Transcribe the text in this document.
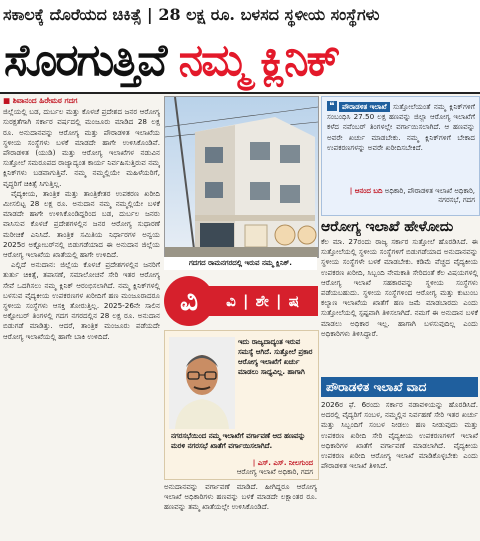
ಸಕಾಲಕ್ಕೆ ದೊರೆಯದ ಚಿಕಿತ್ಸೆ | 28 ಲಕ್ಷ ರೂ. ಬಳಸದ ಸ್ಥಳೀಯ ಸಂಸ್ಥೆಗಳು
ಸೊರಗುತ್ತಿವೆ ನಮ್ಮ ಕ್ಲಿನಿಕ್
■ ಶಿವಾನಂದ ಹಿರೇಮಠ ಗದಗ

ಜಿಲ್ಲೆಯಲ್ಲಿ ಬಡ, ದುರ್ಬಲ ಮತ್ತು ಕೊಳಚೆ ಪ್ರದೇಶದ ಜನರ ಆರೋಗ್ಯ ಸುರಕ್ಷತೆಗಾಗಿ ಸರ್ಕಾರ ವರ್ಷದಲ್ಲಿ ಮಂಜೂರು ಮಾಡಿದ 28 ಲಕ್ಷ ರೂ. ಅನುದಾನವನ್ನು ಆರೋಗ್ಯ ಮತ್ತು ಪೌರಾಡಳಿತ ಇಲಾಖೆಯ ಸ್ಥಳೀಯ ಸಂಸ್ಥೆಗಳು ಬಳಕೆ ಮಾಡದೇ ಹಾಗೇ ಉಳಿಸಿಕೊಂಡಿವೆ. ಪೌರಾಡಳಿತ (ಯುಡಿ) ಮತ್ತು ಆರೋಗ್ಯ ಇಲಾಖೆಗಳ ನಡುವಿನ ಸುತ್ತೋಲೆ ಸಮರೂಪದ ರಾಜ್ಯಾದ್ಯಂತ ಕಾರ್ಯ ನಿರ್ವಹಿಸುತ್ತಿರುವ ನಮ್ಮ ಕ್ಲಿನಿಕ್‌ಗಳು ಬಡವಾಗುತ್ತಿವೆ. ನಮ್ಮ ನಮ್ಮಲ್ಲಿಯೇ ಮಹಿಳೆಯರಿಗೆ, ವೃದ್ಧರಿಗೆ ಚಿಕಿತ್ಸೆ ಸಿಗುತ್ತಿಲ್ಲ.

ವೈದ್ಯಕೀಯ, ತಾಂತ್ರಿಕ ಮತ್ತು ತಾಂತ್ರಿಕೇತರ ಉಪಕರಣ ಖರೀದಿ ಮೀಸಲಿಟ್ಟ 28 ಲಕ್ಷ ರೂ. ಅನುದಾನ ನಮ್ಮ ನಮ್ಮಲ್ಲಿಯೇ ಬಳಕೆ ಮಾಡದೇ ಹಾಗೇ ಉಳಿಸಿಕೊಂಡಿದ್ದರಿಂದ ಬಡ, ದುರ್ಬಲ ಜನರು ವಾಸಿಸುವ ಕೊಳಚೆ ಪ್ರದೇಶಗಳಲ್ಲಿನ ಜನರ ಆರೋಗ್ಯ ಸುಧಾರಣೆ ಮರೀಚಿಕೆ ಎನಿಸಿದೆ. ತಾಂತ್ರಿಕ ಸಮಿತಿಯ ನಿರ್ಧಾರಗಳ ಅನ್ವಯ 2025ರ ಅಕ್ಟೋಬರ್‌ನಲ್ಲಿ ಬಿಡುಗಡೆಯಾದ ಈ ಅನುದಾನ ಜಿಲ್ಲೆಯ ಆರೋಗ್ಯ ಇಲಾಖೆಯ ಖಾತೆಯಲ್ಲಿ ಹಾಗೇ ಉಳಿದಿದೆ.

ಎಲ್ಲಿದೆ ಅನುದಾನ: ಜಿಲ್ಲೆಯ ಕೊಳಚೆ ಪ್ರದೇಶಗಳಲ್ಲಿನ ಜನರಿಗೆ ತುರ್ತು ಚಿಕಿತ್ಸೆ, ತಪಾಸಣೆ, ಸಮಾಲೋಚನೆ ಸೇರಿ ಇತರ ಆರೋಗ್ಯ ಸೇವೆ ಒದಗಿಸಲು ನಮ್ಮ ಕ್ಲಿನಿಕ್ ಆರಂಭಿಸಲಾಗಿದೆ. ನಮ್ಮ ಕ್ಲಿನಿಕ್‌ಗಳಲ್ಲಿ ಬಳಸುವ ವೈದ್ಯಕೀಯ ಉಪಕರಣಗಳ ಖರೀದಿಗೆ ಹಣ ಮಂಜೂರಾದರೂ ಸ್ಥಳೀಯ ಸಂಸ್ಥೆಗಳು ಆಸಕ್ತಿ ತೋರುತ್ತಿಲ್ಲ. 2025-26ನೇ ಸಾಲಿನ ಅಕ್ಟೋಬರ್ ತಿಂಗಳಲ್ಲಿ ಗದಗ ನಗರದಲ್ಲಿನ 28 ಲಕ್ಷ ರೂ. ಅನುದಾನ ಬಿಡುಗಡೆ ಮಾಡಿತ್ತು. ಆದರೆ, ತಾಂತ್ರಿಕ ಮಂಜೂರು ಪಡೆಯದೇ ಆರೋಗ್ಯ ಇಲಾಖೆಯಲ್ಲಿ ಹಾಗೇ ಬಾಕಿ ಉಳಿದಿದೆ.

ಗದಗದ ರಾಮನಗರದಲ್ಲಿ ಇರುವ ನಮ್ಮ ಕ್ಲಿನಿಕ್.
ವಿ | ಶೇ | ಷ
ವಿ
ಇದು ರಾಜ್ಯದಾದ್ಯಂತ ಇರುವ ಸಮಸ್ಯೆ ಆಗಿದೆ. ಸುತ್ತೋಲೆ ಪ್ರಕಾರ ಆರೋಗ್ಯ ಇಲಾಖೆಗೆ ಖರ್ಚು ಮಾಡಲು ಸಾಧ್ಯವಿಲ್ಲ. ಹಾಗಾಗಿ
ನಗರಸಭೆಯಿಂದ ನಮ್ಮ ಇಲಾಖೆಗೆ ವರ್ಗಾವಣೆ ಆದ ಹಣವನ್ನು ಮರಳಿ ನಗರಸಭೆ ಖಾತೆಗೆ ವರ್ಗಾಯಿಸಲಾಗಿದೆ.
| ಎಸ್. ಎಸ್. ನೀಲಗುಂದ
ಆರೋಗ್ಯ ಇಲಾಖೆ ಅಧಿಕಾರಿ, ಗದಗ

ಅನುದಾನವನ್ನು ವರ್ಗಾವಣೆ ಮಾಡಿದೆ. ಹೀಗಿದ್ದರೂ ಆರೋಗ್ಯ ಇಲಾಖೆ ಅಧಿಕಾರಿಗಳು ಹಣವನ್ನು ಬಳಕೆ ಮಾಡದೇ ಲಕ್ಷಾಂತರ ರೂ. ಹಣವನ್ನು ತಮ್ಮ ಖಾತೆಯಲ್ಲೇ ಉಳಿಸಿಕೊಂಡಿದೆ.

❝ ಪೌರಾಡಳಿತ ಇಲಾಖೆ ಸುತ್ತೋಲೆಯಂತೆ ನಮ್ಮ ಕ್ಲಿನಿಕ್‌ಗಳಿಗೆ ಸಂಬಂಧಿಸಿ 27.50 ಲಕ್ಷ ಹಣವನ್ನು ಜಿಲ್ಲಾ ಆರೋಗ್ಯ ಇಲಾಖೆಗೆ ಕಳೆದ ನವೆಂಬರ್ ತಿಂಗಳಲ್ಲೇ ವರ್ಗಾಯಿಸಲಾಗಿದೆ. ಆ ಹಣವನ್ನು ಅವರೇ ಖರ್ಚು ಮಾಡಬೇಕು. ನಮ್ಮ ಕ್ಲಿನಿಕ್‌ಗಳಿಗೆ ಬೇಕಾದ ಉಪಕರಣಗಳನ್ನು ಅವರೇ ಖರೀದಿಸಬೇಕಿದೆ.
| ಆನಂದ ಬದಿ ಅಧಿಕಾರಿ, ಪೌರಾಡಳಿತ ಇಲಾಖೆ ಅಧಿಕಾರಿ, ನಗರಸಭೆ, ಗದಗ
ಆರೋಗ್ಯ ಇಲಾಖೆ ಹೇಳೋದು

ಕೆಲ ಮಾ. 27ರಂದು ರಾಜ್ಯ ಸರ್ಕಾರ ಸುತ್ತೋಲೆ ಹೊರಡಿಸಿದೆ. ಈ ಸುತ್ತೋಲೆಯಲ್ಲಿ ಸ್ಥಳೀಯ ಸಂಸ್ಥೆಗಳಿಗೆ ಬಿಡುಗಡೆಯಾದ ಅನುದಾನವನ್ನು ಸ್ಥಳೀಯ ಸಂಸ್ಥೆಗಳೇ ಬಳಕೆ ಮಾಡಬೇಕು. ಕಡಿಮೆ ವೆಚ್ಚದ ವೈದ್ಯಕೀಯ ಉಪಕರಣ ಖರೀದಿ, ಸಿಬ್ಬಂದಿ ನೇಮಕಾತಿ ಸೇರಿದಂತೆ ಕೆಲ ವಿಷಯಗಳಲ್ಲಿ ಆರೋಗ್ಯ ಇಲಾಖೆ ಸಹಕಾರವನ್ನು ಸ್ಥಳೀಯ ಸಂಸ್ಥೆಗಳು ಪಡೆಯಬಹುದು. ಸ್ಥಳೀಯ ಸಂಸ್ಥೆಗಳಿಂದ ಆರೋಗ್ಯ ಮತ್ತು ಕುಟುಂಬ ಕಲ್ಯಾಣ ಇಲಾಖೆಯ ಖಾತೆಗೆ ಹಣ ಜಮೆ ಮಾಡಬಾರದು ಎಂದು ಸುತ್ತೋಲೆಯಲ್ಲಿ ಸ್ಪಷ್ಟವಾಗಿ ತಿಳಿಸಲಾಗಿದೆ. ನಮಗೆ ಈ ಅನುದಾನ ಬಳಕೆ ಮಾಡಲು ಅಧಿಕಾರ ಇಲ್ಲ. ಹಾಗಾಗಿ ಬಳಸುವುದಿಲ್ಲ ಎಂದು ಅಧಿಕಾರಿಗಳು ತಿಳಿಸಿದ್ದಾರೆ.

ಪೌರಾಡಳಿತ ಇಲಾಖೆ ವಾದ

2026ರ ಫೆ. 6ರಂದು ಸರ್ಕಾರ ನಡಾವಳಿಯನ್ನು ಹೊರಡಿಸಿದೆ. ಅದರಲ್ಲಿ ವೈದ್ಯರಿಗೆ ಸಂಬಳ, ನಮ್ಮಲ್ಲಿನ ನಿರ್ವಹಣೆ ಸೇರಿ ಇತರ ಖರ್ಚು ಮತ್ತು ಸಿಬ್ಬಂದಿಗೆ ಸಂಬಳ ನೀಡಲು ಹಣ ನೀಡುವುದು ಮತ್ತು ಉಪಕರಣ ಖರೀದಿ ಸೇರಿ ವೈದ್ಯಕೀಯ ಉಪಕರಣಗಳಿಗೆ ಇಲಾಖೆ ಅಧಿಕಾರಿಗಳ ಖಾತೆಗೆ ವರ್ಗಾವಣೆ ಮಾಡಲಾಗಿದೆ. ವೈದ್ಯಕೀಯ ಉಪಕರಣ ಖರೀದಿ ಆರೋಗ್ಯ ಇಲಾಖೆ ಮಾಡಿಕೊಳ್ಳಬೇಕು ಎಂದು ಪೌರಾಡಳಿತ ಇಲಾಖೆ ತಿಳಿಸಿದೆ.
